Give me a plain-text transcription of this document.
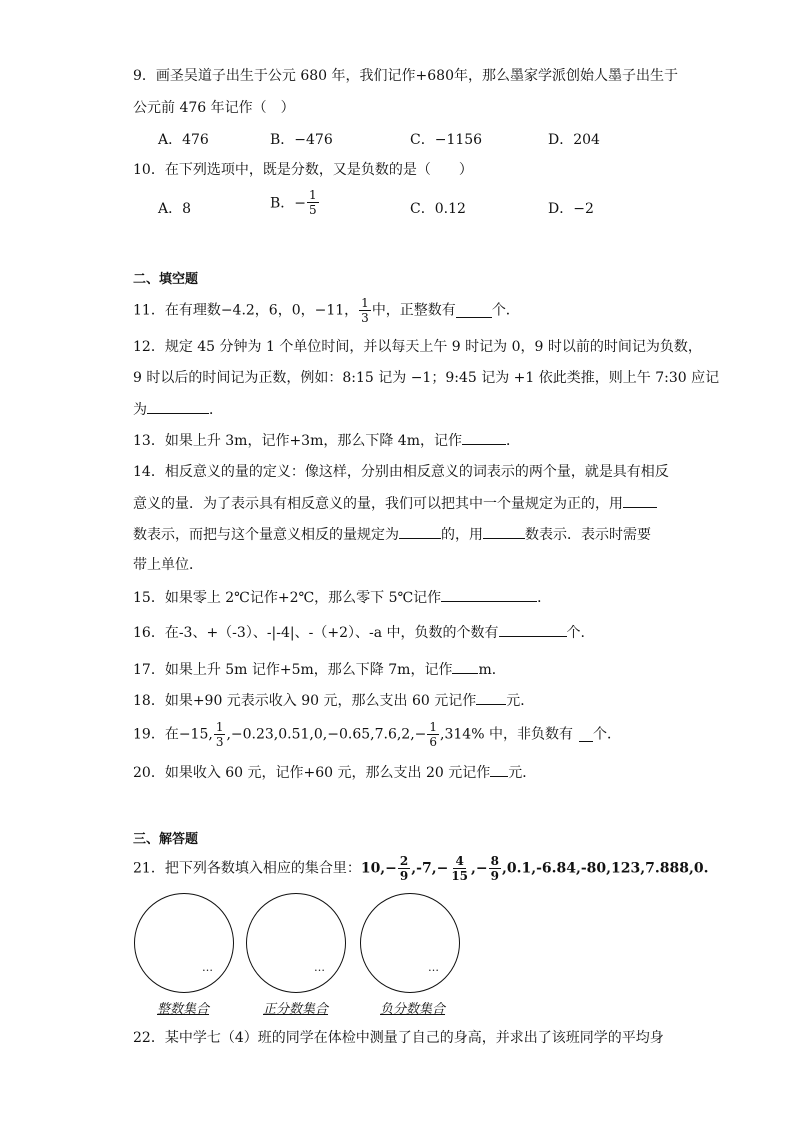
9．画圣吴道子出生于公元 680 年，我们记作+680年，那么墨家学派创始人墨子出生于
公元前 476 年记作（　）
A．476	B．−476	C．−1156	D．204
10．在下列选项中，既是分数，又是负数的是（　　）
A．8	B．− $\frac{1}{5}$	C．0.12	D．−2
二、填空题
11．在有理数−4.2，6，0，−11， $\frac{1}{3}$ 中，正整数有	个．
12．规定 45 分钟为 1 个单位时间，并以每天上午 9 时记为 0，9 时以前的时间记为负数，
9 时以后的时间记为正数，例如：8:15 记为 −1；9:45 记为 +1 依此类推，则上午 7:30 应记
为	．
13．如果上升 3m，记作+3m，那么下降 4m，记作	．
14．相反意义的量的定义：像这样，分别由相反意义的词表示的两个量，就是具有相反
意义的量．为了表示具有相反意义的量，我们可以把其中一个量规定为正的，用
数表示，而把与这个量意义相反的量规定为	的，用	数表示．表示时需要
带上单位．
15．如果零上 2℃记作+2℃，那么零下 5℃记作	．
16．在-3、+（-3）、-|-4|、-（+2）、-a 中，负数的个数有	个.
17．如果上升 5m 记作+5m，那么下降 7m，记作 m．
18．如果+90 元表示收入 90 元，那么支出 60 元记作 元．
19．在−15, $\frac{1}{3} ,-0.23,0.51,0,-0.65,7.6,2,- \frac{1}{6} ,314\%$ 中，非负数有 个．
20．如果收入 60 元，记作+60 元，那么支出 20 元记作 元．
三、解答题
21．把下列各数填入相应的集合里：$10,- \frac{2}{9} ,-7,- \frac{4}{15}$ ,− $\frac{8}{9} ,0.1,-6.84,-80,123,7.888,0$.
…	…	…
整数集合	正分数集合	负分数集合
22．某中学七（4）班的同学在体检中测量了自己的身高，并求出了该班同学的平均身
